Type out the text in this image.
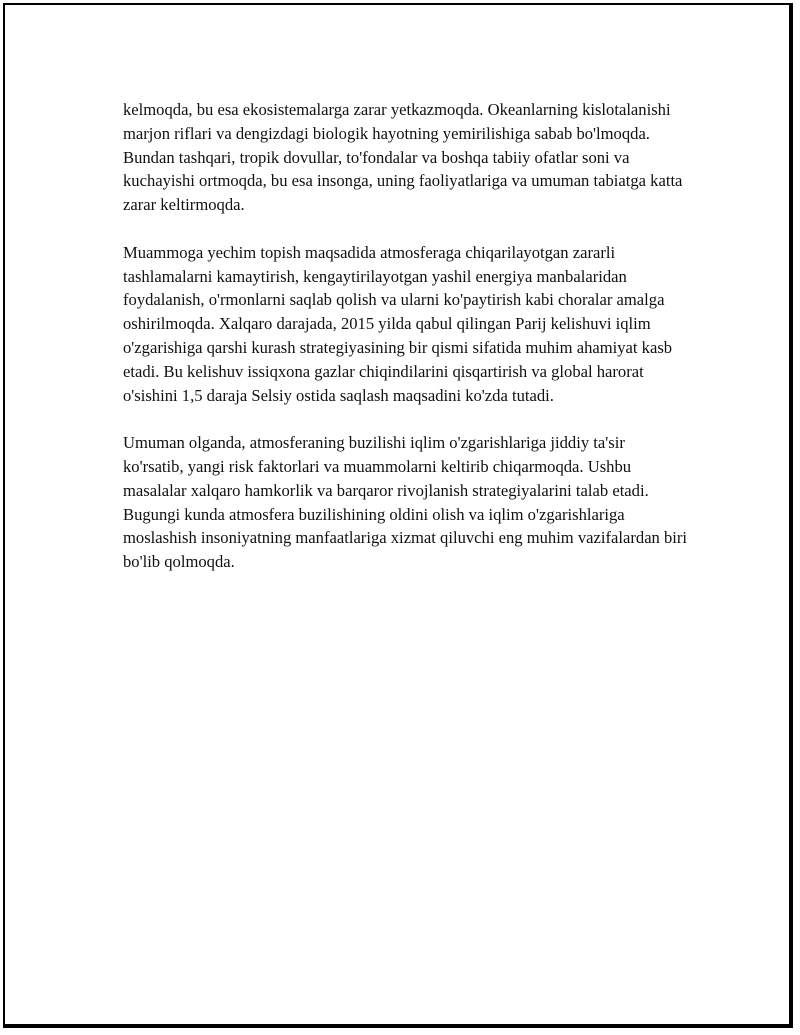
kelmoqda, bu esa ekosistemalarga zarar yetkazmoqda. Okeanlarning kislotalanishi marjon riflari va dengizdagi biologik hayotning yemirilishiga sabab bo'lmoqda. Bundan tashqari, tropik dovullar, to'fondalar va boshqa tabiiy ofatlar soni va kuchayishi ortmoqda, bu esa insonga, uning faoliyatlariga va umuman tabiatga katta zarar keltirmoqda.

Muammoga yechim topish maqsadida atmosferaga chiqarilayotgan zararli tashlamalarni kamaytirish, kengaytirilayotgan yashil energiya manbalaridan foydalanish, o'rmonlarni saqlab qolish va ularni ko'paytirish kabi choralar amalga oshirilmoqda. Xalqaro darajada, 2015 yilda qabul qilingan Parij kelishuvi iqlim o'zgarishiga qarshi kurash strategiyasining bir qismi sifatida muhim ahamiyat kasb etadi. Bu kelishuv issiqxona gazlar chiqindilarini qisqartirish va global harorat o'sishini 1,5 daraja Selsiy ostida saqlash maqsadini ko'zda tutadi.

Umuman olganda, atmosferaning buzilishi iqlim o'zgarishlariga jiddiy ta'sir ko'rsatib, yangi risk faktorlari va muammolarni keltirib chiqarmoqda. Ushbu masalalar xalqaro hamkorlik va barqaror rivojlanish strategiyalarini talab etadi. Bugungi kunda atmosfera buzilishining oldini olish va iqlim o'zgarishlariga moslashish insoniyatning manfaatlariga xizmat qiluvchi eng muhim vazifalardan biri bo'lib qolmoqda.
